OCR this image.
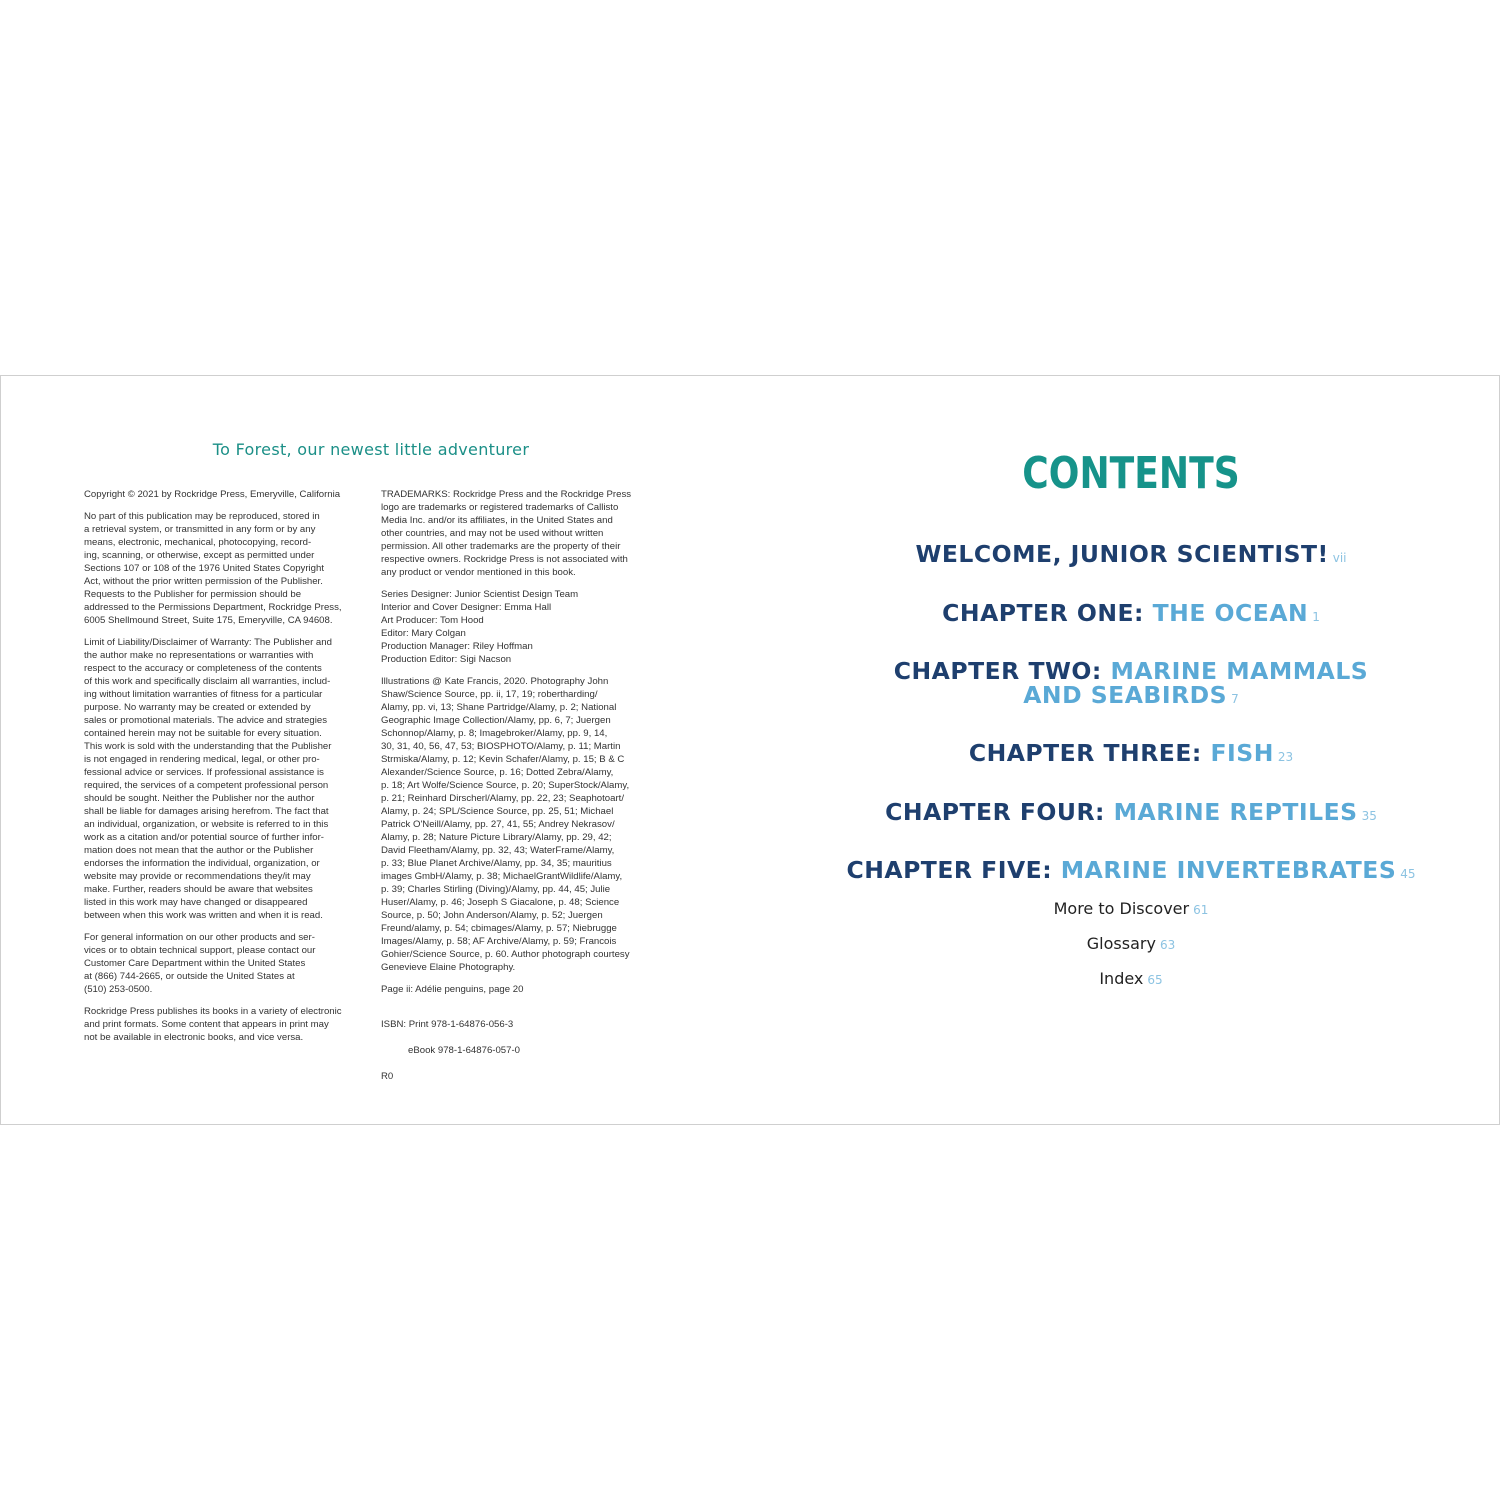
To Forest, our newest little adventurer

Copyright © 2021 by Rockridge Press, Emeryville, California

No part of this publication may be reproduced, stored in
a retrieval system, or transmitted in any form or by any
means, electronic, mechanical, photocopying, record-
ing, scanning, or otherwise, except as permitted under
Sections 107 or 108 of the 1976 United States Copyright
Act, without the prior written permission of the Publisher.
Requests to the Publisher for permission should be
addressed to the Permissions Department, Rockridge Press,
6005 Shellmound Street, Suite 175, Emeryville, CA 94608.

Limit of Liability/Disclaimer of Warranty: The Publisher and
the author make no representations or warranties with
respect to the accuracy or completeness of the contents
of this work and specifically disclaim all warranties, includ-
ing without limitation warranties of fitness for a particular
purpose. No warranty may be created or extended by
sales or promotional materials. The advice and strategies
contained herein may not be suitable for every situation.
This work is sold with the understanding that the Publisher
is not engaged in rendering medical, legal, or other pro-
fessional advice or services. If professional assistance is
required, the services of a competent professional person
should be sought. Neither the Publisher nor the author
shall be liable for damages arising herefrom. The fact that
an individual, organization, or website is referred to in this
work as a citation and/or potential source of further infor-
mation does not mean that the author or the Publisher
endorses the information the individual, organization, or
website may provide or recommendations they/it may
make. Further, readers should be aware that websites
listed in this work may have changed or disappeared
between when this work was written and when it is read.

For general information on our other products and ser-
vices or to obtain technical support, please contact our
Customer Care Department within the United States
at (866) 744-2665, or outside the United States at
(510) 253-0500.

Rockridge Press publishes its books in a variety of electronic
and print formats. Some content that appears in print may
not be available in electronic books, and vice versa.

TRADEMARKS: Rockridge Press and the Rockridge Press
logo are trademarks or registered trademarks of Callisto
Media Inc. and/or its affiliates, in the United States and
other countries, and may not be used without written
permission. All other trademarks are the property of their
respective owners. Rockridge Press is not associated with
any product or vendor mentioned in this book.

Series Designer: Junior Scientist Design Team
Interior and Cover Designer: Emma Hall
Art Producer: Tom Hood
Editor: Mary Colgan
Production Manager: Riley Hoffman
Production Editor: Sigi Nacson

Illustrations @ Kate Francis, 2020. Photography John
Shaw/Science Source, pp. ii, 17, 19; robertharding/
Alamy, pp. vi, 13; Shane Partridge/Alamy, p. 2; National
Geographic Image Collection/Alamy, pp. 6, 7; Juergen
Schonnop/Alamy, p. 8; Imagebroker/Alamy, pp. 9, 14,
30, 31, 40, 56, 47, 53; BIOSPHOTO/Alamy, p. 11; Martin
Strmiska/Alamy, p. 12; Kevin Schafer/Alamy, p. 15; B & C
Alexander/Science Source, p. 16; Dotted Zebra/Alamy,
p. 18; Art Wolfe/Science Source, p. 20; SuperStock/Alamy,
p. 21; Reinhard Dirscherl/Alamy, pp. 22, 23; Seaphotoart/
Alamy, p. 24; SPL/Science Source, pp. 25, 51; Michael
Patrick O'Neill/Alamy, pp. 27, 41, 55; Andrey Nekrasov/
Alamy, p. 28; Nature Picture Library/Alamy, pp. 29, 42;
David Fleetham/Alamy, pp. 32, 43; WaterFrame/Alamy,
p. 33; Blue Planet Archive/Alamy, pp. 34, 35; mauritius
images GmbH/Alamy, p. 38; MichaelGrantWildlife/Alamy,
p. 39; Charles Stirling (Diving)/Alamy, pp. 44, 45; Julie
Huser/Alamy, p. 46; Joseph S Giacalone, p. 48; Science
Source, p. 50; John Anderson/Alamy, p. 52; Juergen
Freund/alamy, p. 54; cbimages/Alamy, p. 57; Niebrugge
Images/Alamy, p. 58; AF Archive/Alamy, p. 59; Francois
Gohier/Science Source, p. 60. Author photograph courtesy
Genevieve Elaine Photography.

Page ii: Adélie penguins, page 20

ISBN: Print 978-1-64876-056-3

eBook 978-1-64876-057-0

R0

CONTENTS
WELCOME, JUNIOR SCIENTIST! vii
CHAPTER ONE: THE OCEAN 1
CHAPTER TWO: MARINE MAMMALS
AND SEABIRDS 7
CHAPTER THREE: FISH 23
CHAPTER FOUR: MARINE REPTILES 35
CHAPTER FIVE: MARINE INVERTEBRATES 45
More to Discover 61
Glossary 63
Index 65
